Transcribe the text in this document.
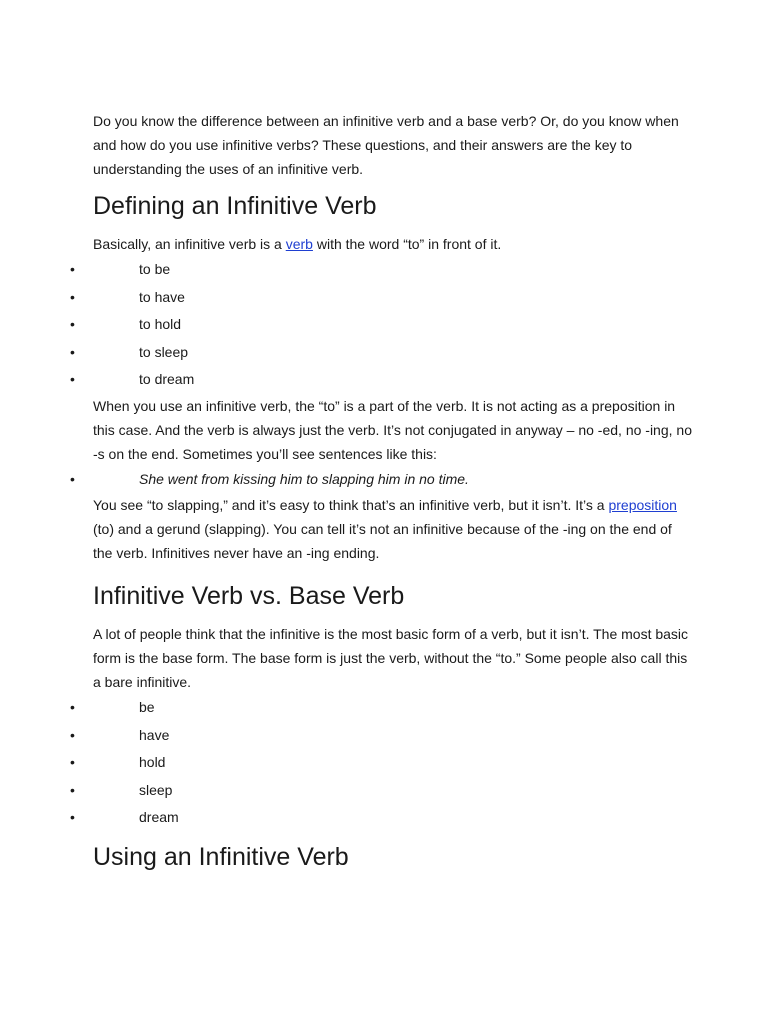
Do you know the difference between an infinitive verb and a base verb? Or, do you know when and how do you use infinitive verbs? These questions, and their answers are the key to understanding the uses of an infinitive verb.

Defining an Infinitive Verb

Basically, an infinitive verb is a verb with the word “to” in front of it.

•	to be
•	to have
•	to hold
•	to sleep
•	to dream

When you use an infinitive verb, the “to” is a part of the verb. It is not acting as a preposition in this case. And the verb is always just the verb. It’s not conjugated in anyway – no -ed, no -ing, no -s on the end. Sometimes you’ll see sentences like this:

•	She went from kissing him to slapping him in no time.

You see “to slapping,” and it’s easy to think that’s an infinitive verb, but it isn’t. It’s a preposition (to) and a gerund (slapping). You can tell it’s not an infinitive because of the -ing on the end of the verb. Infinitives never have an -ing ending.

Infinitive Verb vs. Base Verb

A lot of people think that the infinitive is the most basic form of a verb, but it isn’t. The most basic form is the base form. The base form is just the verb, without the “to.” Some people also call this a bare infinitive.

•	be
•	have
•	hold
•	sleep
•	dream
Using an Infinitive Verb
